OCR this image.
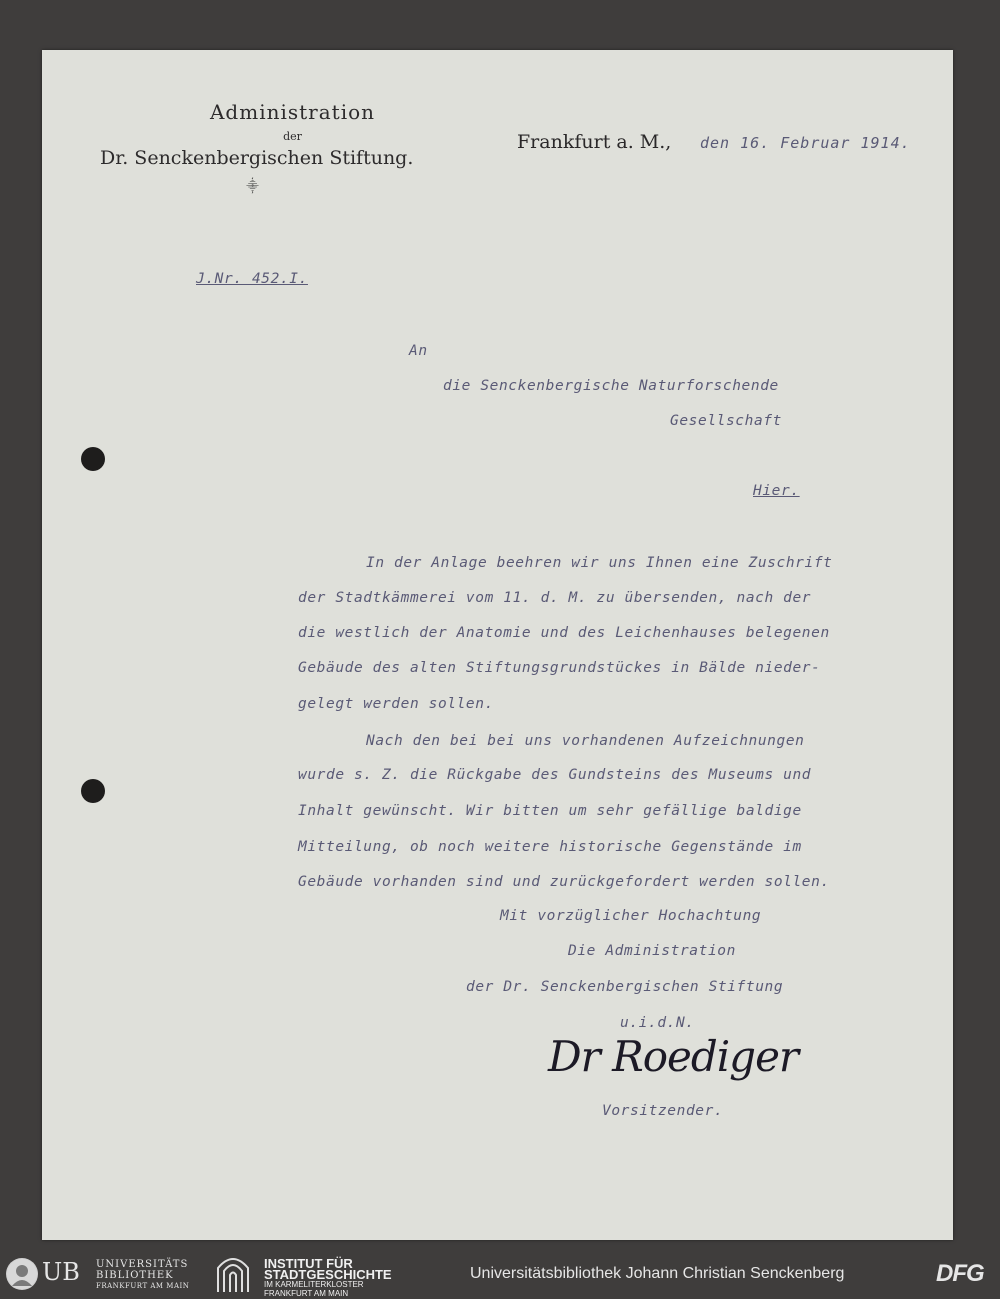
Administration
der
Dr. Senckenbergischen Stiftung.
⸎
Frankfurt a. M., den 16. Februar 1914.
J.Nr. 452.I.
An
die Senckenbergische Naturforschende
Gesellschaft
Hier.
In der Anlage beehren wir uns Ihnen eine Zuschrift
der Stadtkämmerei vom 11. d. M. zu übersenden, nach der
die westlich der Anatomie und des Leichenhauses belegenen
Gebäude des alten Stiftungsgrundstückes in Bälde nieder-
gelegt werden sollen.
Nach den bei bei uns vorhandenen Aufzeichnungen
wurde s. Z. die Rückgabe des Gundsteins des Museums und
Inhalt gewünscht. Wir bitten um sehr gefällige baldige
Mitteilung, ob noch weitere historische Gegenstände im
Gebäude vorhanden sind und zurückgefordert werden sollen.
Mit vorzüglicher Hochachtung
Die Administration
der Dr. Senckenbergischen Stiftung
u.i.d.N.
Dr Roediger
Vorsitzender.
UB UNIVERSITÄTS
BIBLIOTHEK
FRANKFURT AM MAIN
INSTITUT FÜR
STADTGESCHICHTE
IM KARMELITERKLOSTER
FRANKFURT AM MAIN
Universitätsbibliothek Johann Christian Senckenberg	DFG
